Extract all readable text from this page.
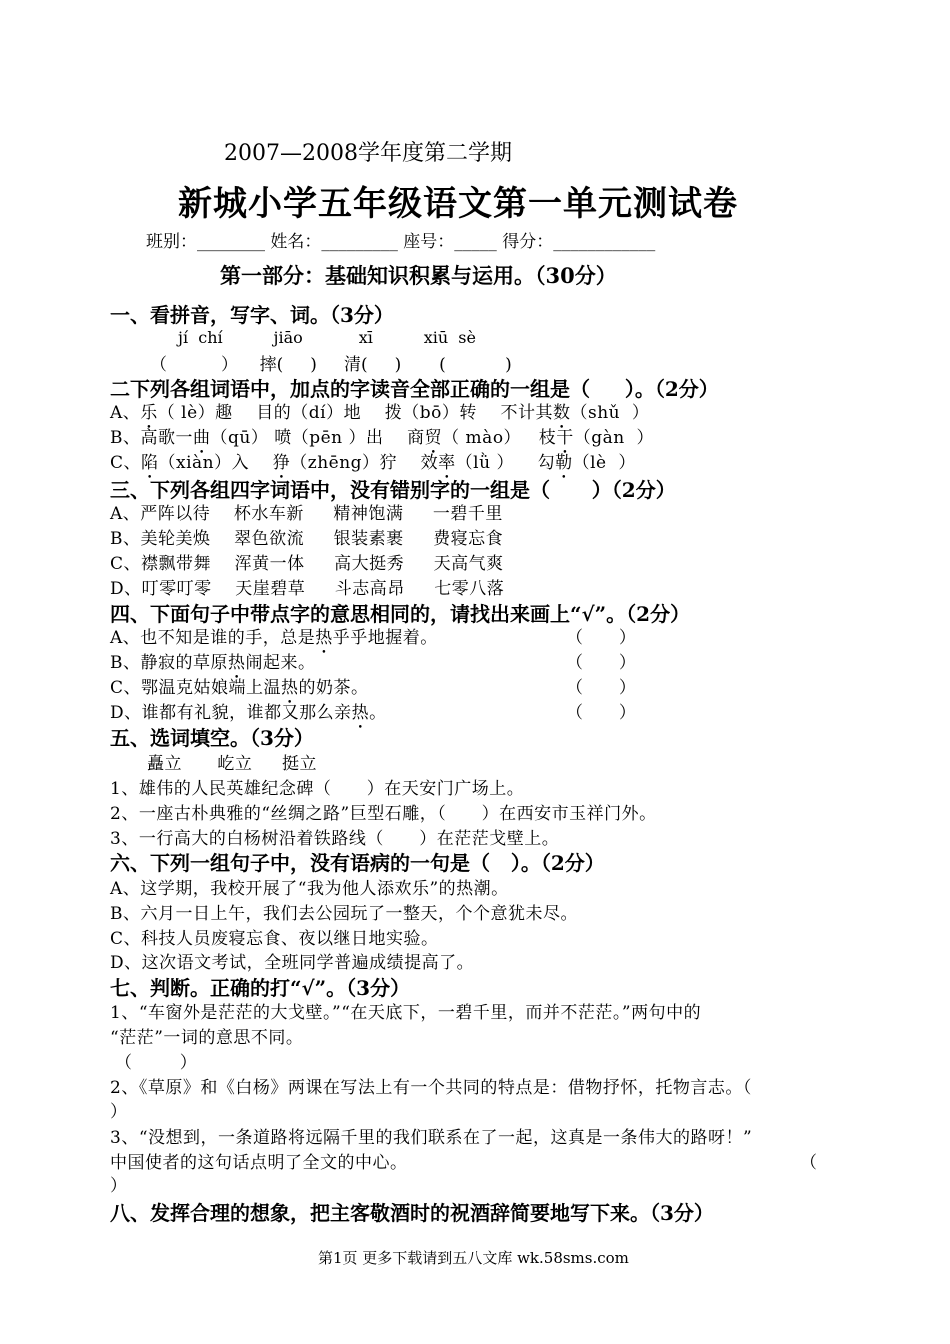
2007—2008学年度第二学期
新城小学五年级语文第一单元测试卷
班别：________ 姓名：_________ 座号：_____ 得分：____________
第一部分：基础知识积累与运用。（30分）
一、看拼音，写字、词。（3分）
jí  chí          jiāo           xī          xiū  sè
（          ）    摔(     )     清(     )       (           )
二下列各组词语中，加点的字读音全部正确的一组是（     ）。（2分）
A、乐（ lè）趣    目的（dí）地    拨（bō）转    不计其数（shǔ  ）
B、高歌一曲（qū） 喷（pēn ）出    商贸（ mào）   枝干（gàn  ）
C、陷（xiàn）入    狰（zhēng）狞    效率（lǜ ）    勾勒（lè  ）
三、下列各组四字词语中，没有错别字的一组是（      ）（2分）
A、严阵以待    杯水车新     精神饱满     一碧千里
B、美轮美焕    翠色欲流     银装素裹     费寝忘食
C、襟飘带舞    浑黄一体     高大挺秀     天高气爽
D、叮零叮零    天崖碧草     斗志高昂     七零八落
四、下面句子中带点字的意思相同的，请找出来画上“√”。（2分）
A、也不知是谁的手，总是热乎乎地握着。	（      ）
B、静寂的草原热闹起来。	（      ）
C、鄂温克姑娘端上温热的奶茶。	（      ）
D、谁都有礼貌，谁都又那么亲热。	（      ）
五、选词填空。（3分）
矗立      屹立     挺立
1、雄伟的人民英雄纪念碑（      ）在天安门广场上。
2、一座古朴典雅的“丝绸之路”巨型石雕，（      ）在西安市玉祥门外。
3、一行高大的白杨树沿着铁路线（      ）在茫茫戈壁上。
六、下列一组句子中，没有语病的一句是（   ）。（2分）
A、这学期，我校开展了“我为他人添欢乐”的热潮。
B、六月一日上午，我们去公园玩了一整天，个个意犹未尽。
C、科技人员废寝忘食、夜以继日地实验。
D、这次语文考试，全班同学普遍成绩提高了。
七、判断。正确的打“√”。（3分）
1、“车窗外是茫茫的大戈壁。”“在天底下，一碧千里，而并不茫茫。”两句中的
“茫茫”一词的意思不同。
（        ）
2、《草原》和《白杨》两课在写法上有一个共同的特点是：借物抒怀，托物言志。（
）
3、“没想到，一条道路将远隔千里的我们联系在了一起，这真是一条伟大的路呀！”
中国使者的这句话点明了全文的中心。	（
）
八、发挥合理的想象，把主客敬酒时的祝酒辞简要地写下来。（3分）
第1页 更多下载请到五八文库 wk.58sms.com
